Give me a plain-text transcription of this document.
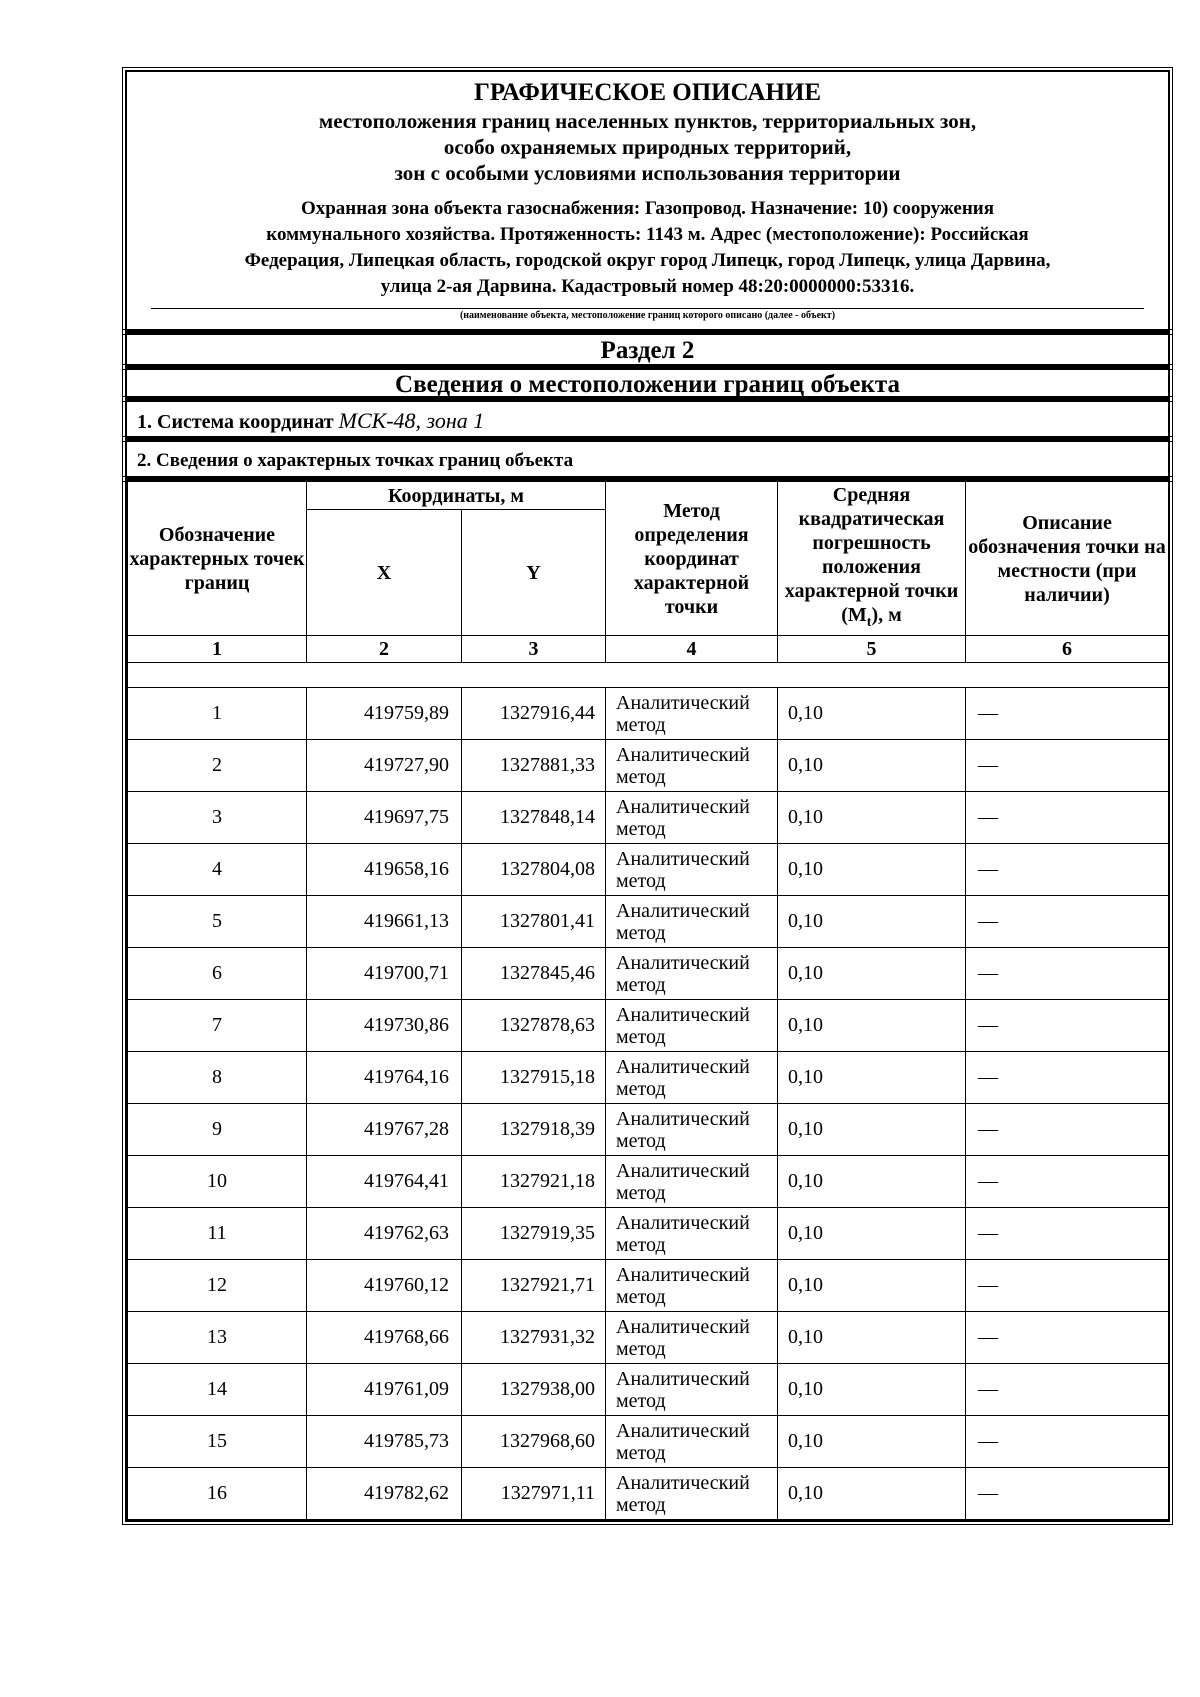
ГРАФИЧЕСКОЕ ОПИСАНИЕ
местоположения границ населенных пунктов, территориальных зон,
особо охраняемых природных территорий,
зон с особыми условиями использования территории
Охранная зона объекта газоснабжения: Газопровод. Назначение: 10) сооружения
коммунального хозяйства. Протяженность: 1143 м. Адрес (местоположение): Российская
Федерация, Липецкая область, городской округ город Липецк, город Липецк, улица Дарвина,
улица 2-ая Дарвина. Кадастровый номер 48:20:0000000:53316.
(наименование объекта, местоположение границ которого описано (далее - объект)
Раздел 2
Сведения о местоположении границ объекта
1. Система координат МСК-48, зона 1
2. Сведения о характерных точках границ объекта
Обозначение характерных точек границ	Координаты, м		Метод определения координат характерной точки	Средняя квадратическая погрешность положения характерной точки $(M_t)$, м	Описание обозначения точки на местности (при наличии)
	X	Y			
1	2	3	4	5	6

1	419759,89	1327916,44	Аналитический метод	0,10	—
2	419727,90	1327881,33	Аналитический метод	0,10	—
3	419697,75	1327848,14	Аналитический метод	0,10	—
4	419658,16	1327804,08	Аналитический метод	0,10	—
5	419661,13	1327801,41	Аналитический метод	0,10	—
6	419700,71	1327845,46	Аналитический метод	0,10	—
7	419730,86	1327878,63	Аналитический метод	0,10	—
8	419764,16	1327915,18	Аналитический метод	0,10	—
9	419767,28	1327918,39	Аналитический метод	0,10	—
10	419764,41	1327921,18	Аналитический метод	0,10	—
11	419762,63	1327919,35	Аналитический метод	0,10	—
12	419760,12	1327921,71	Аналитический метод	0,10	—
13	419768,66	1327931,32	Аналитический метод	0,10	—
14	419761,09	1327938,00	Аналитический метод	0,10	—
15	419785,73	1327968,60	Аналитический метод	0,10	—
16	419782,62	1327971,11	Аналитический метод	0,10	—
